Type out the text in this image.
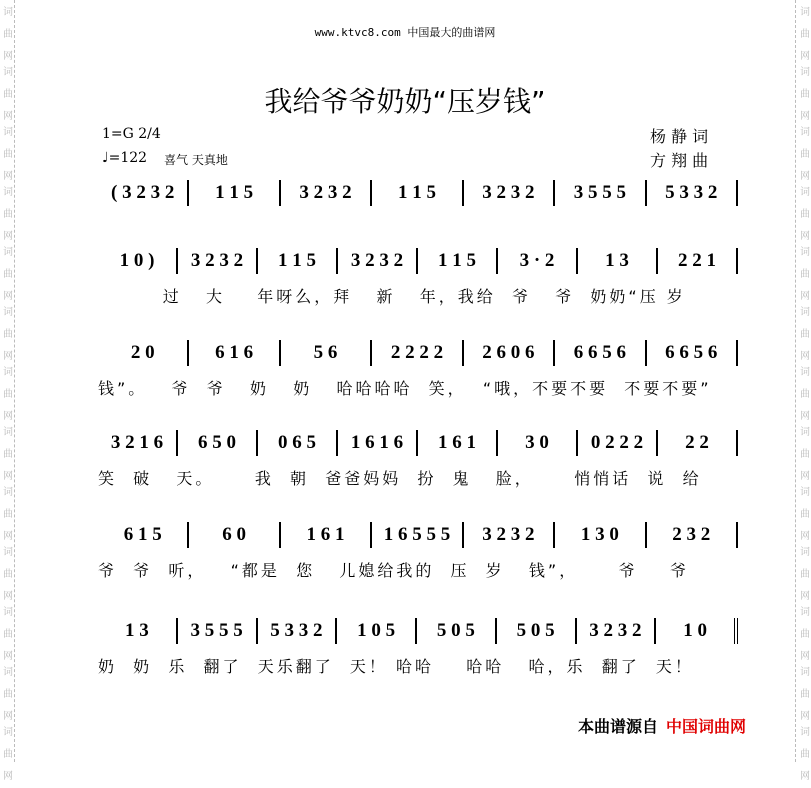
词
曲
网
词
曲
网
词
曲
网
词
曲
网
词
曲
网
词
曲
网
词
曲
网
词
曲
网
词
曲
网
词
曲
网
词
曲
网
词
曲
网
词
曲
网
词
曲
网
词
曲
网
词
曲
网
词
曲
网
词
曲
网
词
曲
网
词
曲
网
词
曲
网
词
曲
网
词
曲
网
词
曲
网
词
曲
网
词
曲
网
www.ktvc8.com 中国最大的曲谱网
我给爷爷奶奶“压岁钱”
1=G 2/4
♩=122 喜气 天真地
杨 静 词
方 翔 曲
( 3 2 3 2	1 1 5	3 2 3 2	1 1 5	3 2 3 2	3 5 5 5	5 3 3 2
1 0 )	3 2 3 2	1 1 5	3 2 3 2	1 1 5	3 · 2	1 3	2 2 1
过   大    年呀么，拜   新   年，我给  爷   爷  奶奶“压 岁
2 0	6 1 6	5 6	2 2 2 2	2 6 0 6	6 6 5 6	6 6 5 6
钱”。   爷  爷   奶   奶   哈哈哈哈  笑，  “哦，不要不要  不要不要”
3 2 1 6	6 5 0	0 6 5	1 6 1 6	1 6 1	3 0	0 2 2 2	2 2
笑  破   天。     我  朝  爸爸妈妈  扮  鬼   脸，     悄悄话  说  给
6 1 5	6 0	1 6 1	1 6 5 5 5	3 2 3 2	1 3 0	2 3 2
爷  爷  听，   “都是  您   儿媳给我的  压  岁   钱”，     爷    爷
1 3	3 5 5 5	5 3 3 2	1 0 5	5 0 5	5 0 5	3 2 3 2	1 0
奶  奶  乐  翻了  天乐翻了  天！ 哈哈    哈哈   哈，乐  翻了  天！
本曲谱源自 中国词曲网
